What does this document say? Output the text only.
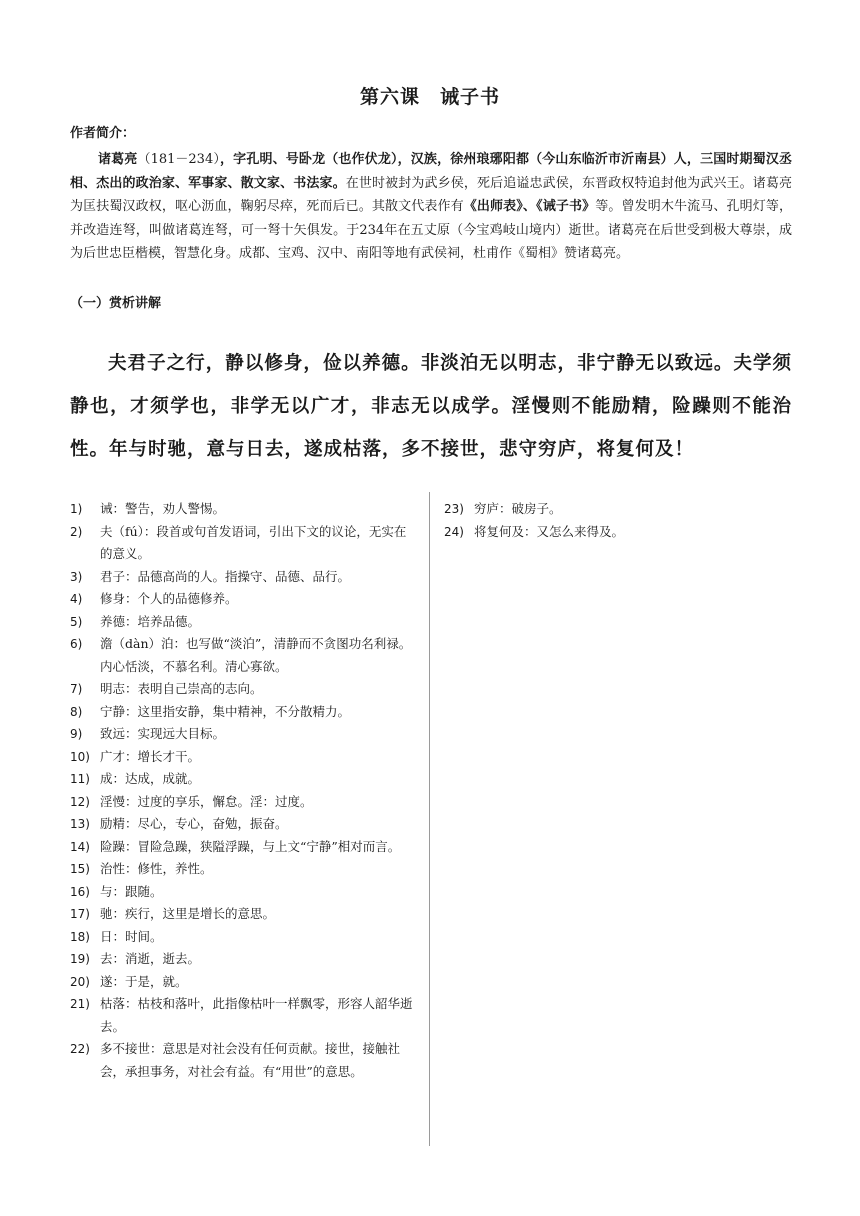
第六课　诫子书
作者简介：

诸葛亮（181－234），字孔明、号卧龙（也作伏龙），汉族，徐州琅琊阳都（今山东临沂市沂南县）人，三国时期蜀汉丞相、杰出的政治家、军事家、散文家、书法家。在世时被封为武乡侯，死后追谥忠武侯，东晋政权特追封他为武兴王。诸葛亮为匡扶蜀汉政权，呕心沥血，鞠躬尽瘁，死而后已。其散文代表作有《出师表》、《诫子书》等。曾发明木牛流马、孔明灯等，并改造连弩，叫做诸葛连弩，可一弩十矢俱发。于234年在五丈原（今宝鸡岐山境内）逝世。诸葛亮在后世受到极大尊崇，成为后世忠臣楷模，智慧化身。成都、宝鸡、汉中、南阳等地有武侯祠，杜甫作《蜀相》赞诸葛亮。

（一）赏析讲解

夫君子之行，静以修身，俭以养德。非淡泊无以明志，非宁静无以致远。夫学须静也，才须学也，非学无以广才，非志无以成学。淫慢则不能励精，险躁则不能治性。年与时驰，意与日去，遂成枯落，多不接世，悲守穷庐，将复何及！

1)	诫：警告，劝人警惕。
2)	夫（fú）：段首或句首发语词，引出下文的议论，无实在的意义。
3)	君子：品德高尚的人。指操守、品德、品行。
4)	修身：个人的品德修养。
5)	养德：培养品德。
6)	澹（dàn）泊：也写做“淡泊”，清静而不贪图功名利禄。内心恬淡，不慕名利。清心寡欲。
7)	明志：表明自己崇高的志向。
8)	宁静：这里指安静，集中精神，不分散精力。
9)	致远：实现远大目标。
10) 广才：增长才干。
11) 成：达成，成就。
12) 淫慢：过度的享乐，懈怠。淫：过度。
13) 励精：尽心，专心，奋勉，振奋。
14) 险躁：冒险急躁，狭隘浮躁，与上文“宁静”相对而言。
15) 治性：修性，养性。
16) 与：跟随。
17) 驰：疾行，这里是增长的意思。
18) 日：时间。
19) 去：消逝，逝去。
20) 遂：于是，就。
21) 枯落：枯枝和落叶，此指像枯叶一样飘零，形容人韶华逝去。
22) 多不接世：意思是对社会没有任何贡献。接世，接触社会，承担事务，对社会有益。有“用世”的意思。
23) 穷庐：破房子。
24) 将复何及：又怎么来得及。
